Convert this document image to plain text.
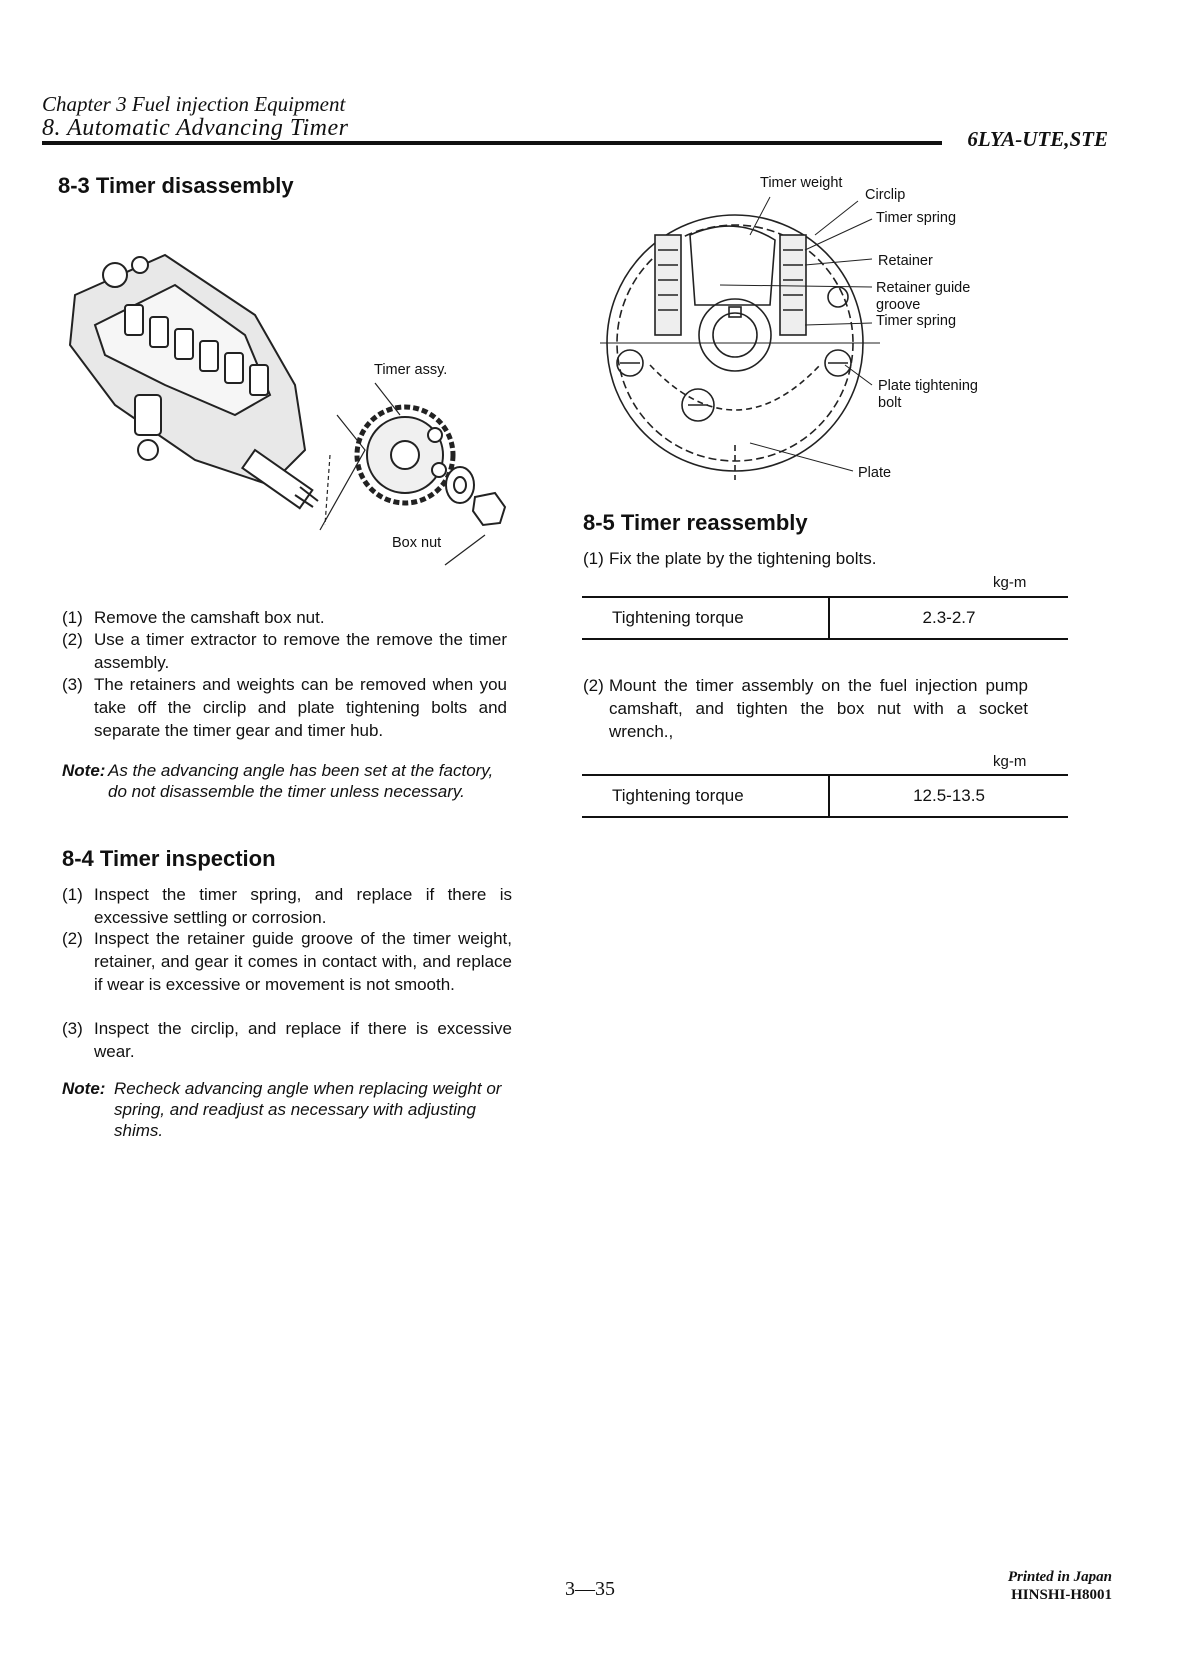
Chapter 3 Fuel injection Equipment
8. Automatic Advancing Timer	6LYA-UTE,STE
8-3 Timer disassembly
Timer assy.
Box nut
(1) Remove the camshaft box nut.
(2) Use a timer extractor to remove the remove the timer assembly.
(3) The retainers and weights can be removed when you take off the circlip and plate tightening bolts and separate the timer gear and timer hub.
Note: As the advancing angle has been set at the factory, do not disassemble the timer unless necessary.
8-4 Timer inspection
(1) Inspect the timer spring, and replace if there is excessive settling or corrosion.
(2) Inspect the retainer guide groove of the timer weight, retainer, and gear it comes in contact with, and replace if wear is excessive or movement is not smooth.
(3) Inspect the circlip, and replace if there is excessive wear.
Note: Recheck advancing angle when replacing weight or spring, and readjust as necessary with adjusting shims.
Timer weight
Circlip
Timer spring
Retainer
Retainer guide
groove
Timer spring
Plate tightening
bolt
Plate
8-5 Timer reassembly
(1) Fix the plate by the tightening bolts.
kg-m
Tightening torque	2.3-2.7
(2) Mount the timer assembly on the fuel injection pump camshaft, and tighten the box nut with a socket wrench.,
kg-m
Tightening torque	12.5-13.5
3—35
Printed in Japan
HINSHI-H8001
